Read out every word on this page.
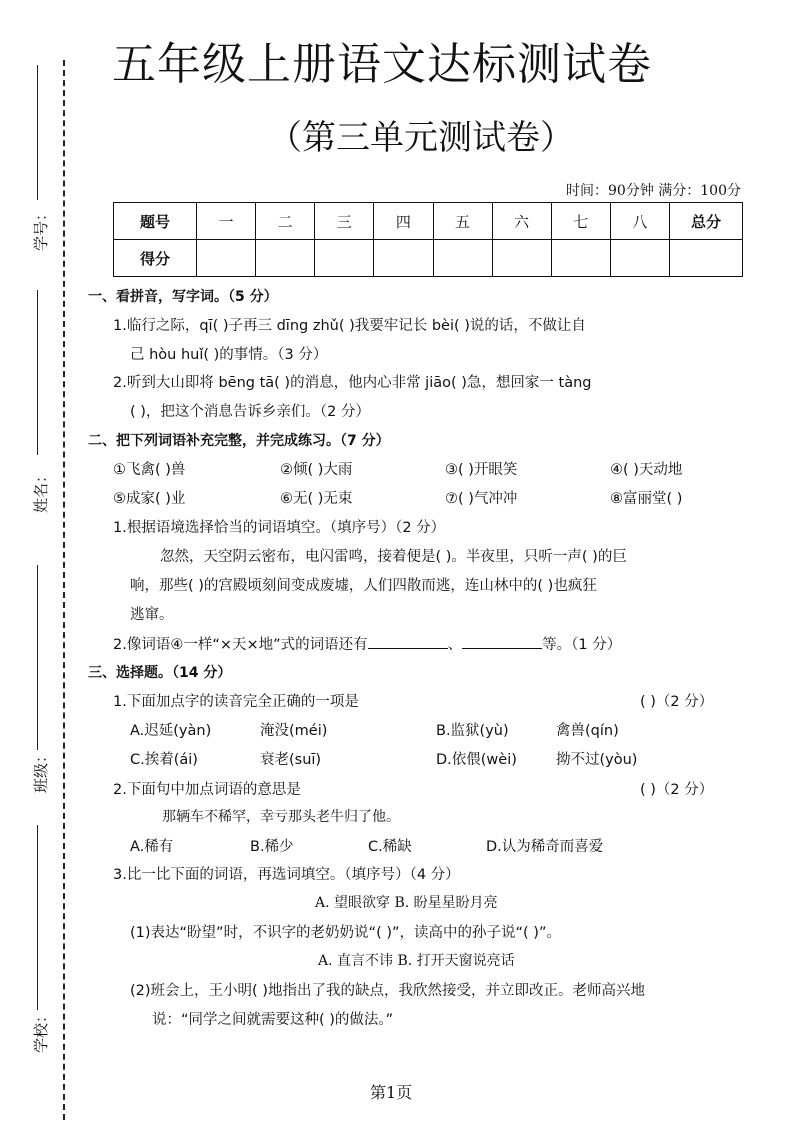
学号：
姓名：
班级：
学校：
五年级上册语文达标测试卷
（第三单元测试卷）
时间：90分钟 满分：100分
题号	一	二	三	四	五	六	七	八	总分
得分									
一、看拼音，写字词。（5 分）
1.临行之际，qī( )子再三 dīng zhǔ( )我要牢记长 bèi( )说的话，不做让自
己 hòu huǐ( )的事情。（3 分）
2.听到大山即将 bēng tā( )的消息，他内心非常 jiāo( )急，想回家一 tàng
( )，把这个消息告诉乡亲们。（2 分）
二、把下列词语补充完整，并完成练习。（7 分）
①飞禽( )兽	②倾( )大雨	③( )开眼笑	④( )天动地
⑤成家( )业	⑥无( )无束	⑦( )气冲冲	⑧富丽堂( )
1.根据语境选择恰当的词语填空。（填序号）（2 分）
忽然，天空阴云密布，电闪雷鸣，接着便是( )。半夜里，只听一声( )的巨
响，那些( )的宫殿顷刻间变成废墟，人们四散而逃，连山林中的( )也疯狂
逃窜。
2.像词语④一样“×天×地”式的词语还有	、	等。（1 分）
三、选择题。（14 分）
1.下面加点字的读音完全正确的一项是	( )（2 分）
A.迟延(yàn)	淹没(méi)	B.监狱(yù)	禽兽(qín)
C.挨着(ái)	衰老(suī)	D.依偎(wèi)	拗不过(yòu)
2.下面句中加点词语的意思是	( )（2 分）
那辆车不稀罕，幸亏那头老牛归了他。
A.稀有	B.稀少	C.稀缺	D.认为稀奇而喜爱
3.比一比下面的词语，再选词填空。（填序号）（4 分）
A. 望眼欲穿 B. 盼星星盼月亮
(1)表达“盼望”时，不识字的老奶奶说“( )”，读高中的孙子说“( )”。
A. 直言不讳 B. 打开天窗说亮话
(2)班会上，王小明( )地指出了我的缺点，我欣然接受，并立即改正。老师高兴地
说：“同学之间就需要这种( )的做法。”
第1页
